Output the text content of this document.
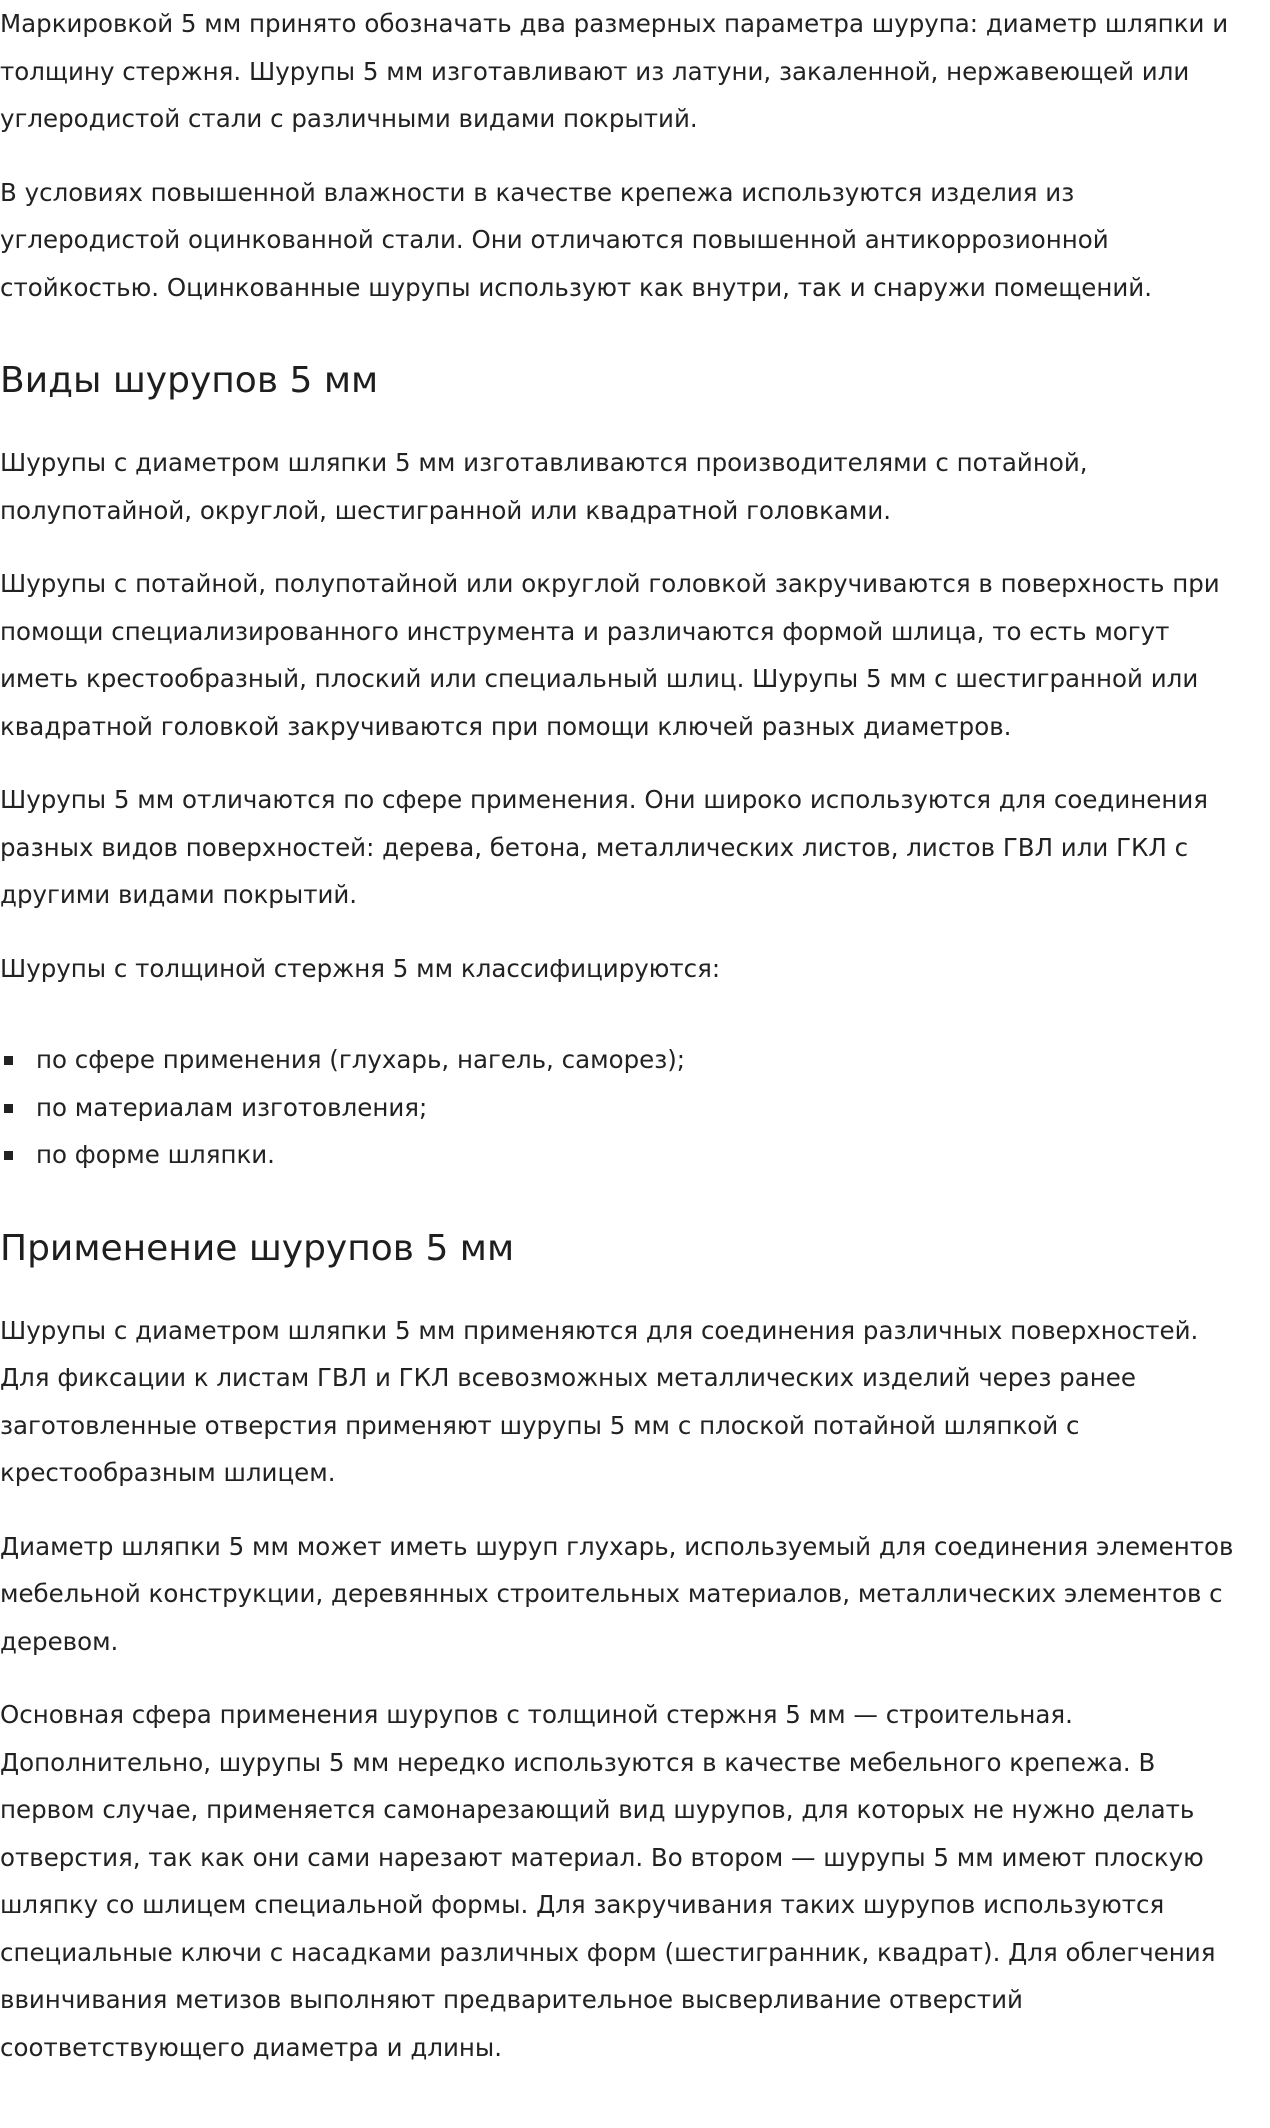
Маркировкой 5 мм принято обозначать два размерных параметра шурупа: диаметр шляпки и толщину стержня. Шурупы 5 мм изготавливают из латуни, закаленной, нержавеющей или углеродистой стали с различными видами покрытий.

В условиях повышенной влажности в качестве крепежа используются изделия из углеродистой оцинкованной стали. Они отличаются повышенной антикоррозионной стойкостью. Оцинкованные шурупы используют как внутри, так и снаружи помещений.

Виды шурупов 5 мм

Шурупы с диаметром шляпки 5 мм изготавливаются производителями с потайной, полупотайной, округлой, шестигранной или квадратной головками.

Шурупы с потайной, полупотайной или округлой головкой закручиваются в поверхность при помощи специализированного инструмента и различаются формой шлица, то есть могут иметь крестообразный, плоский или специальный шлиц. Шурупы 5 мм с шестигранной или квадратной головкой закручиваются при помощи ключей разных диаметров.

Шурупы 5 мм отличаются по сфере применения. Они широко используются для соединения разных видов поверхностей: дерева, бетона, металлических листов, листов ГВЛ или ГКЛ с другими видами покрытий.

Шурупы с толщиной стержня 5 мм классифицируются:

по сфере применения (глухарь, нагель, саморез);
по материалам изготовления;
по форме шляпки.
Применение шурупов 5 мм

Шурупы с диаметром шляпки 5 мм применяются для соединения различных поверхностей. Для фиксации к листам ГВЛ и ГКЛ всевозможных металлических изделий через ранее заготовленные отверстия применяют шурупы 5 мм с плоской потайной шляпкой с крестообразным шлицем.

Диаметр шляпки 5 мм может иметь шуруп глухарь, используемый для соединения элементов мебельной конструкции, деревянных строительных материалов, металлических элементов с деревом.

Основная сфера применения шурупов с толщиной стержня 5 мм — строительная. Дополнительно, шурупы 5 мм нередко используются в качестве мебельного крепежа. В первом случае, применяется самонарезающий вид шурупов, для которых не нужно делать отверстия, так как они сами нарезают материал. Во втором — шурупы 5 мм имеют плоскую шляпку со шлицем специальной формы. Для закручивания таких шурупов используются специальные ключи с насадками различных форм (шестигранник, квадрат). Для облегчения ввинчивания метизов выполняют предварительное высверливание отверстий соответствующего диаметра и длины.
